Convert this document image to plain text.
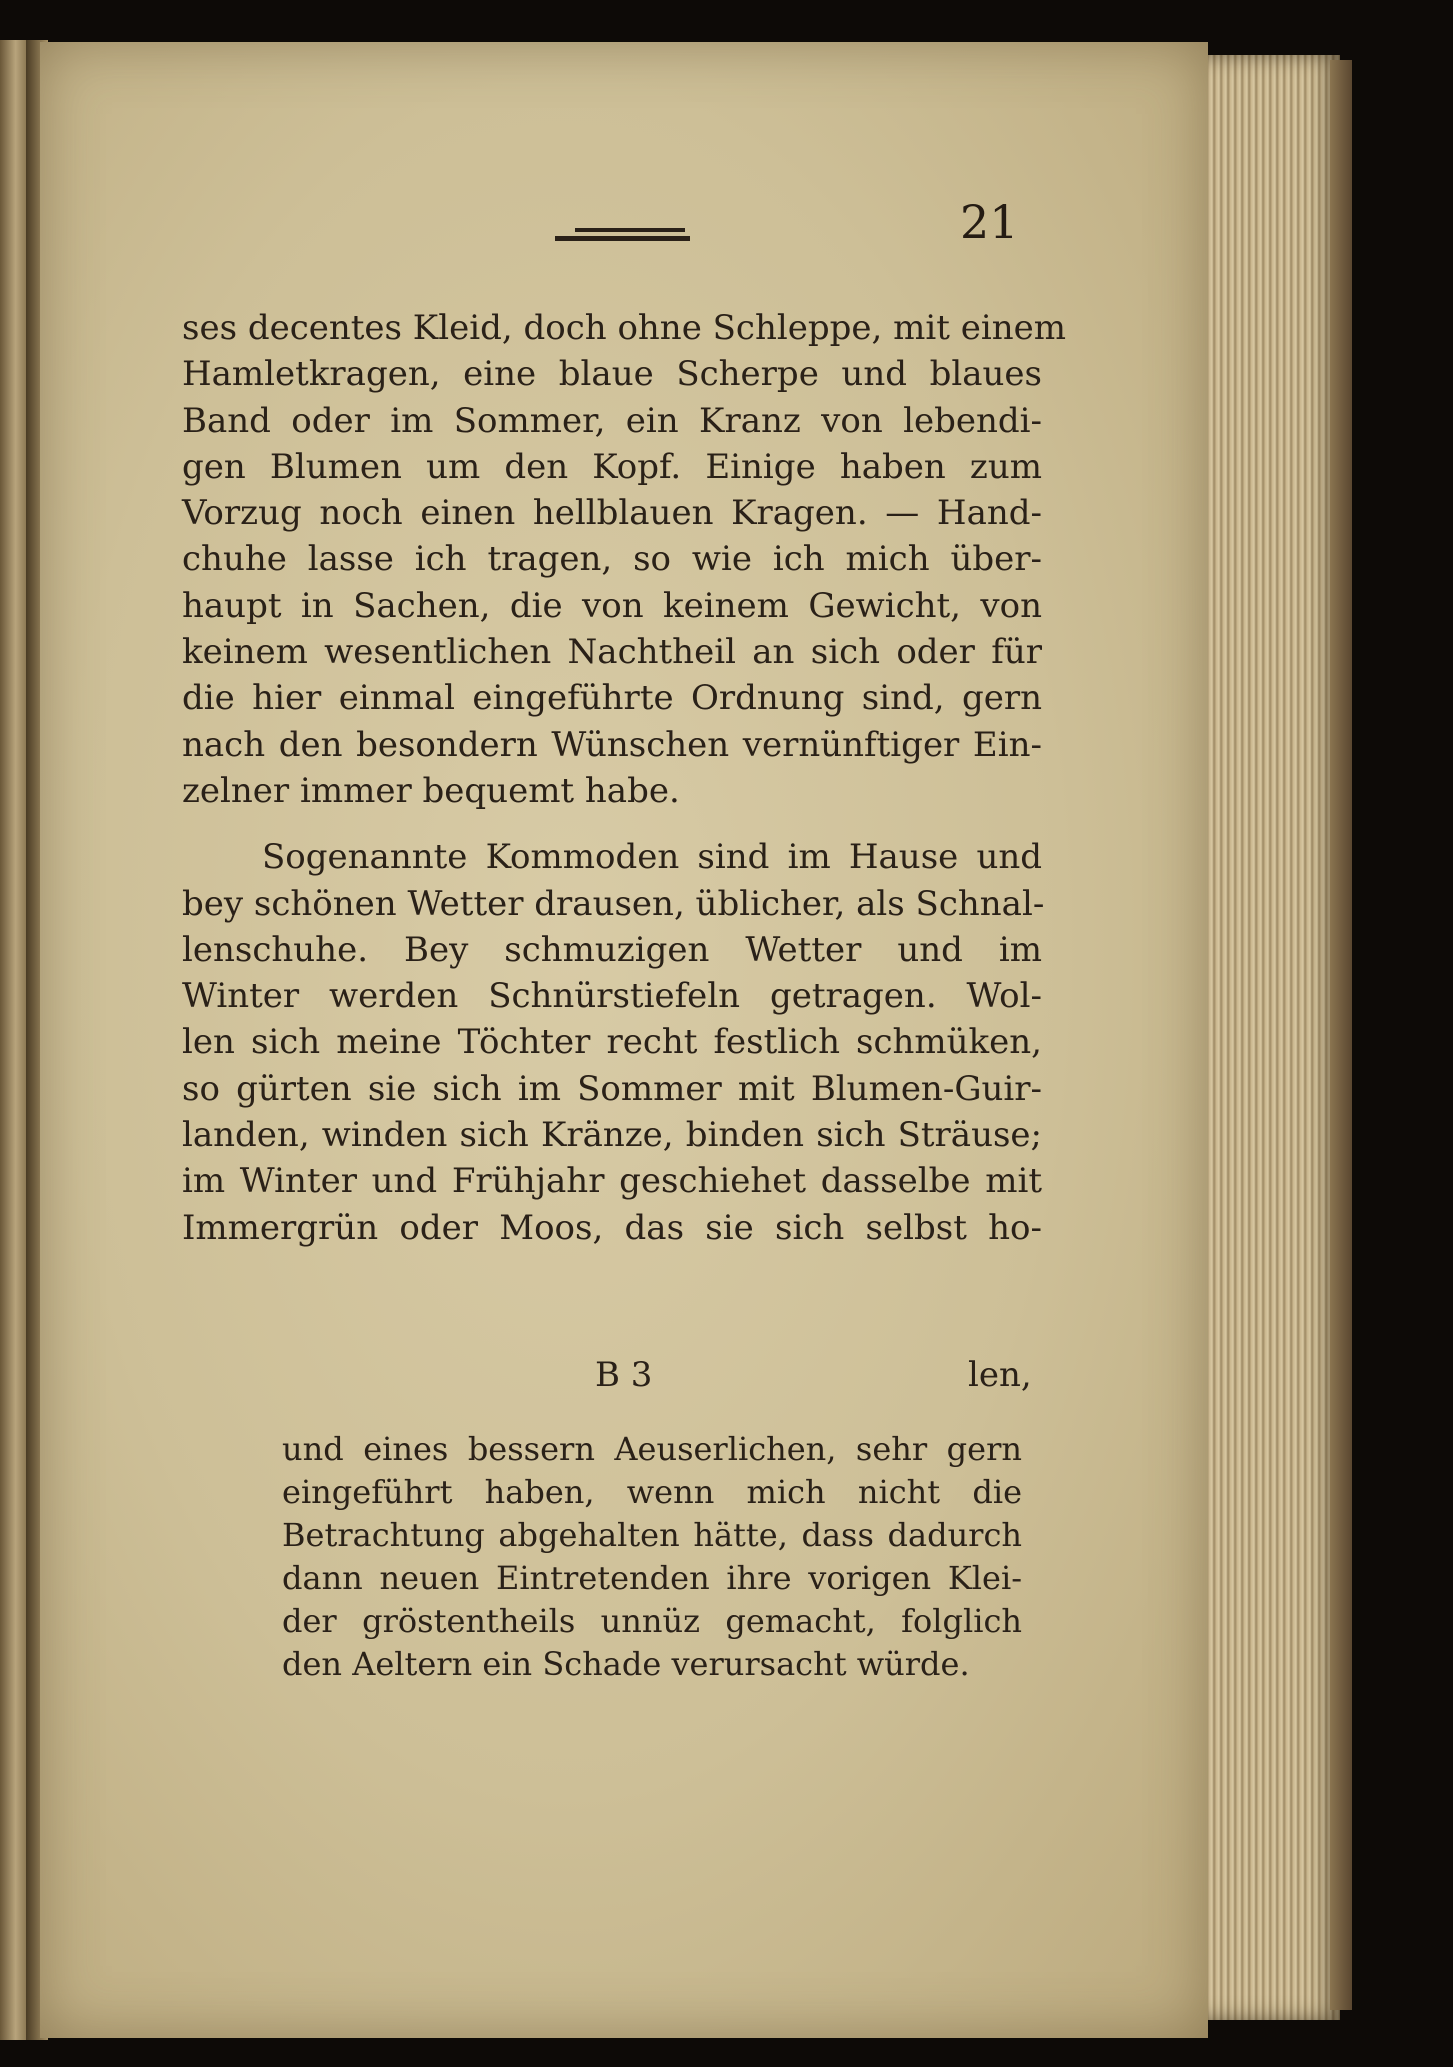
21
ses decentes Kleid, doch ohne Schleppe, mit einem
Hamletkragen, eine blaue Scherpe und blaues
Band oder im Sommer, ein Kranz von lebendi-
gen Blumen um den Kopf. Einige haben zum
Vorzug noch einen hellblauen Kragen. — Hand-
chuhe lasse ich tragen, so wie ich mich über-
haupt in Sachen, die von keinem Gewicht, von
keinem wesentlichen Nachtheil an sich oder für
die hier einmal eingeführte Ordnung sind, gern
nach den besondern Wünschen vernünftiger Ein-
zelner immer bequemt habe.
Sogenannte Kommoden sind im Hause und
bey schönen Wetter drausen, üblicher, als Schnal-
lenschuhe. Bey schmuzigen Wetter und im
Winter werden Schnürstiefeln getragen. Wol-
len sich meine Töchter recht festlich schmüken,
so gürten sie sich im Sommer mit Blumen-Guir-
landen, winden sich Kränze, binden sich Sträuse;
im Winter und Frühjahr geschiehet dasselbe mit
Immergrün oder Moos, das sie sich selbst ho-
B 3	len,
und eines bessern Aeuserlichen, sehr gern
eingeführt haben, wenn mich nicht die
Betrachtung abgehalten hätte, dass dadurch
dann neuen Eintretenden ihre vorigen Klei-
der gröstentheils unnüz gemacht, folglich
den Aeltern ein Schade verursacht würde.
